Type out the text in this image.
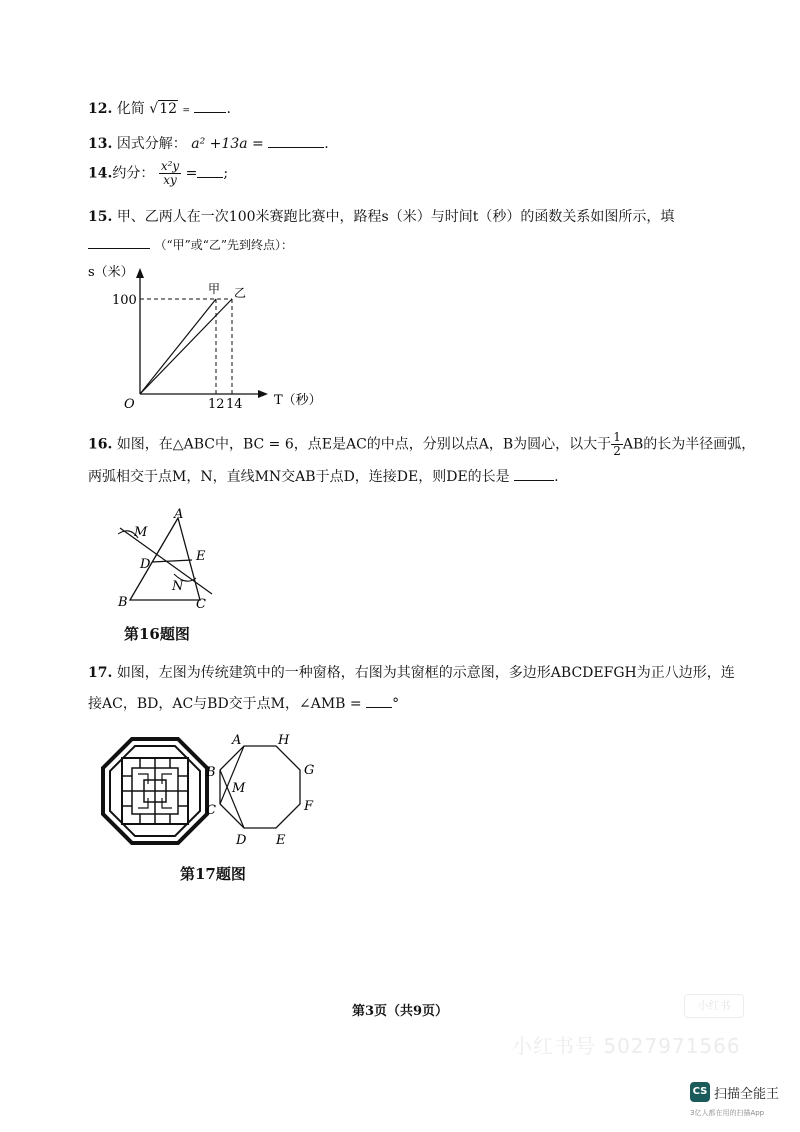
12. 化简 √12 =	.
13. 因式分解： a² +13a =	.
14.约分： $\frac{\text{x²y}}{xy}$ = ;
15. 甲、乙两人在一次100米赛跑比赛中，路程s（米）与时间t（秒）的函数关系如图所示，填
（“甲”或“乙”先到终点）：
s（米）
T（秒）
O
100
甲 乙
12 14
16. 如图，在△ABC中，BC = 6，点E是AC的中点，分别以点A，B为圆心，以大于 $\frac{1}{2}$ AB的长为半径画弧，
两弧相交于点M，N，直线MN交AB于点D，连接DE，则DE的长是	.
A
B	C
D
E
M
N
第16题图
17. 如图，左图为传统建筑中的一种窗格，右图为其窗框的示意图，多边形ABCDEFGH为正八边形，连
接AC，BD，AC与BD交于点M，∠AMB = °
A	H
G
F
E
D
C
B
M
第17题图
第3页（共9页）	小红书
小红书号 5027971566
CS 扫描全能王
3亿人都在用的扫描App
